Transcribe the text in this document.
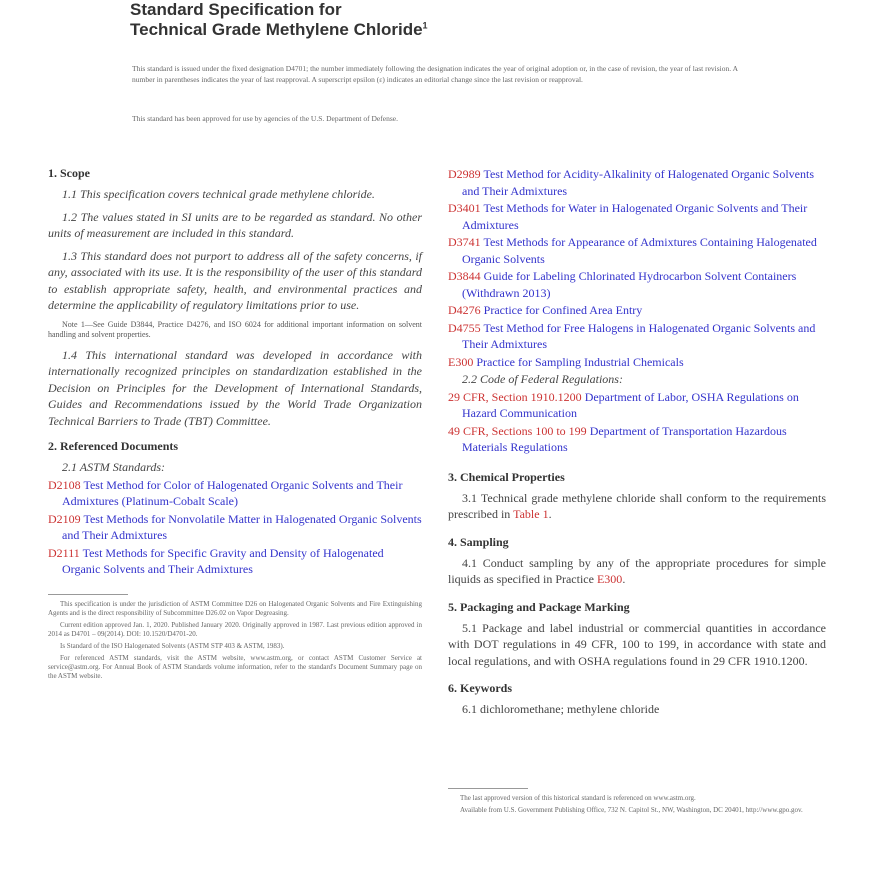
Standard Specification for
Technical Grade Methylene Chloride$^1$
This standard is issued under the fixed designation D4701; the number immediately following the designation indicates the year of original adoption or, in the case of revision, the year of last revision. A number in parentheses indicates the year of last reapproval. A superscript epsilon (ε) indicates an editorial change since the last revision or reapproval.
This standard has been approved for use by agencies of the U.S. Department of Defense.
1. Scope

1.1 This specification covers technical grade methylene chloride.

1.2 The values stated in SI units are to be regarded as standard. No other units of measurement are included in this standard.

1.3 This standard does not purport to address all of the safety concerns, if any, associated with its use. It is the responsibility of the user of this standard to establish appropriate safety, health, and environmental practices and determine the applicability of regulatory limitations prior to use.

Note 1—See Guide D3844, Practice D4276, and ISO 6024 for additional important information on solvent handling and solvent properties.

1.4 This international standard was developed in accordance with internationally recognized principles on standardization established in the Decision on Principles for the Development of International Standards, Guides and Recommendations issued by the World Trade Organization Technical Barriers to Trade (TBT) Committee.

2. Referenced Documents
2.1 ASTM Standards:
D2108 Test Method for Color of Halogenated Organic Solvents and Their Admixtures (Platinum-Cobalt Scale)
D2109 Test Methods for Nonvolatile Matter in Halogenated Organic Solvents and Their Admixtures
D2111 Test Methods for Specific Gravity and Density of Halogenated Organic Solvents and Their Admixtures

This specification is under the jurisdiction of ASTM Committee D26 on Halogenated Organic Solvents and Fire Extinguishing Agents and is the direct responsibility of Subcommittee D26.02 on Vapor Degreasing.

Current edition approved Jan. 1, 2020. Published January 2020. Originally approved in 1987. Last previous edition approved in 2014 as D4701 – 09(2014). DOI: 10.1520/D4701-20.

Is Standard of the ISO Halogenated Solvents (ASTM STP 403 & ASTM, 1983).

For referenced ASTM standards, visit the ASTM website, www.astm.org, or contact ASTM Customer Service at service@astm.org. For Annual Book of ASTM Standards volume information, refer to the standard's Document Summary page on the ASTM website.

D2989 Test Method for Acidity-Alkalinity of Halogenated Organic Solvents and Their Admixtures
D3401 Test Methods for Water in Halogenated Organic Solvents and Their Admixtures
D3741 Test Methods for Appearance of Admixtures Containing Halogenated Organic Solvents
D3844 Guide for Labeling Chlorinated Hydrocarbon Solvent Containers (Withdrawn 2013)
D4276 Practice for Confined Area Entry
D4755 Test Method for Free Halogens in Halogenated Organic Solvents and Their Admixtures
E300 Practice for Sampling Industrial Chemicals
2.2 Code of Federal Regulations:
29 CFR, Section 1910.1200 Department of Labor, OSHA Regulations on Hazard Communication
49 CFR, Sections 100 to 199 Department of Transportation Hazardous Materials Regulations
3. Chemical Properties

3.1 Technical grade methylene chloride shall conform to the requirements prescribed in Table 1.

4. Sampling

4.1 Conduct sampling by any of the appropriate procedures for simple liquids as specified in Practice E300.

5. Packaging and Package Marking

5.1 Package and label industrial or commercial quantities in accordance with DOT regulations in 49 CFR, 100 to 199, in accordance with state and local regulations, and with OSHA regulations found in 29 CFR 1910.1200.

6. Keywords

6.1 dichloromethane; methylene chloride

The last approved version of this historical standard is referenced on www.astm.org.

Available from U.S. Government Publishing Office, 732 N. Capitol St., NW, Washington, DC 20401, http://www.gpo.gov.
